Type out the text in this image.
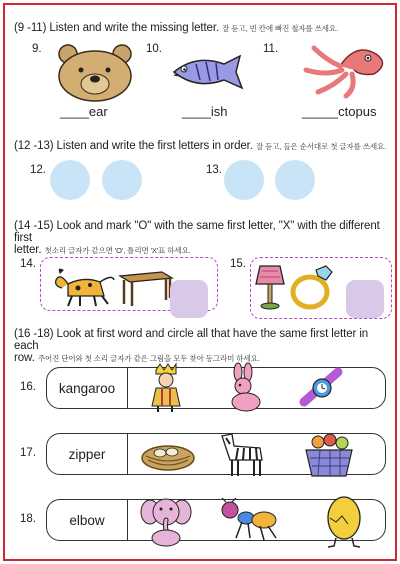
(9 -11) Listen and write the missing letter. 잘 듣고, 빈 칸에 빠진 철자를 쓰세요.
9.	10.	11.
____ear	____ish	_____ctopus
(12 -13) Listen and write the first letters in order. 잘 듣고, 들은 순서대로 첫 글자를 쓰세요.
12.	13.
(14 -15) Look and mark "O" with the same first letter, "X" with the different first
letter. 첫소리 글자가 같으면 'O', 틀리면 'X'표 하세요.
14.	15.
(16 -18) Look at first word and circle all that have the same first letter in each
row. 주어진 단어와 첫 소리 글자가 같은 그림을 모두 찾아 동그라미 하세요.
16.	kangaroo
17.	zipper
18.	elbow
